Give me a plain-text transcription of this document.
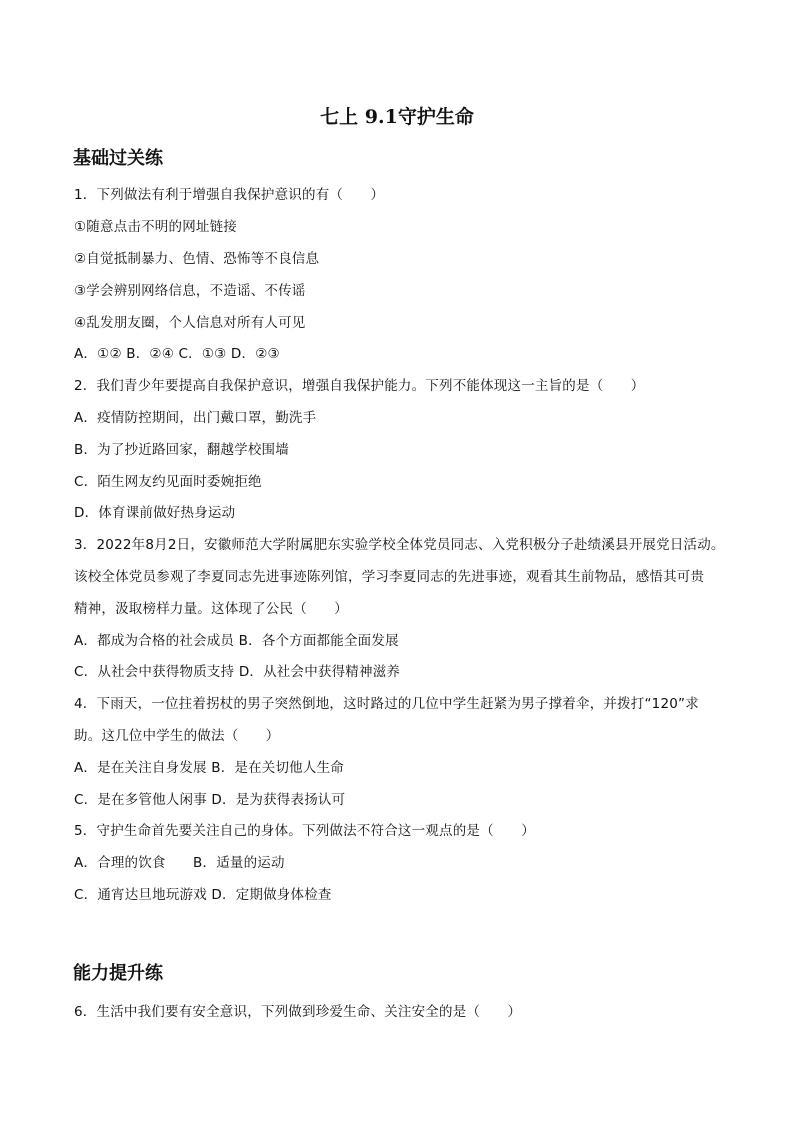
七上 9.1守护生命
基础过关练

1．下列做法有利于增强自我保护意识的有（　　）

①随意点击不明的网址链接

②自觉抵制暴力、色情、恐怖等不良信息

③学会辨别网络信息，不造谣、不传谣

④乱发朋友圈，个人信息对所有人可见

A．①② B．②④ C．①③ D．②③

2．我们青少年要提高自我保护意识，增强自我保护能力。下列不能体现这一主旨的是（　　）

A．疫情防控期间，出门戴口罩，勤洗手

B．为了抄近路回家，翻越学校围墙

C．陌生网友约见面时委婉拒绝

D．体育课前做好热身运动

3．2022年8月2日，安徽师范大学附属肥东实验学校全体党员同志、入党积极分子赴绩溪县开展党日活动。

该校全体党员参观了李夏同志先进事迹陈列馆，学习李夏同志的先进事迹，观看其生前物品，感悟其可贵

精神，汲取榜样力量。这体现了公民（　　）

A．都成为合格的社会成员 B．各个方面都能全面发展

C．从社会中获得物质支持 D．从社会中获得精神滋养

4．下雨天，一位拄着拐杖的男子突然倒地，这时路过的几位中学生赶紧为男子撑着伞，并拨打“120”求

助。这几位中学生的做法（　　）

A．是在关注自身发展 B．是在关切他人生命

C．是在多管他人闲事 D．是为获得表扬认可

5．守护生命首先要关注自己的身体。下列做法不符合这一观点的是（　　）

A．合理的饮食　　B．适量的运动

C．通宵达旦地玩游戏 D．定期做身体检查

能力提升练

6．生活中我们要有安全意识，下列做到珍爱生命、关注安全的是（　　）
